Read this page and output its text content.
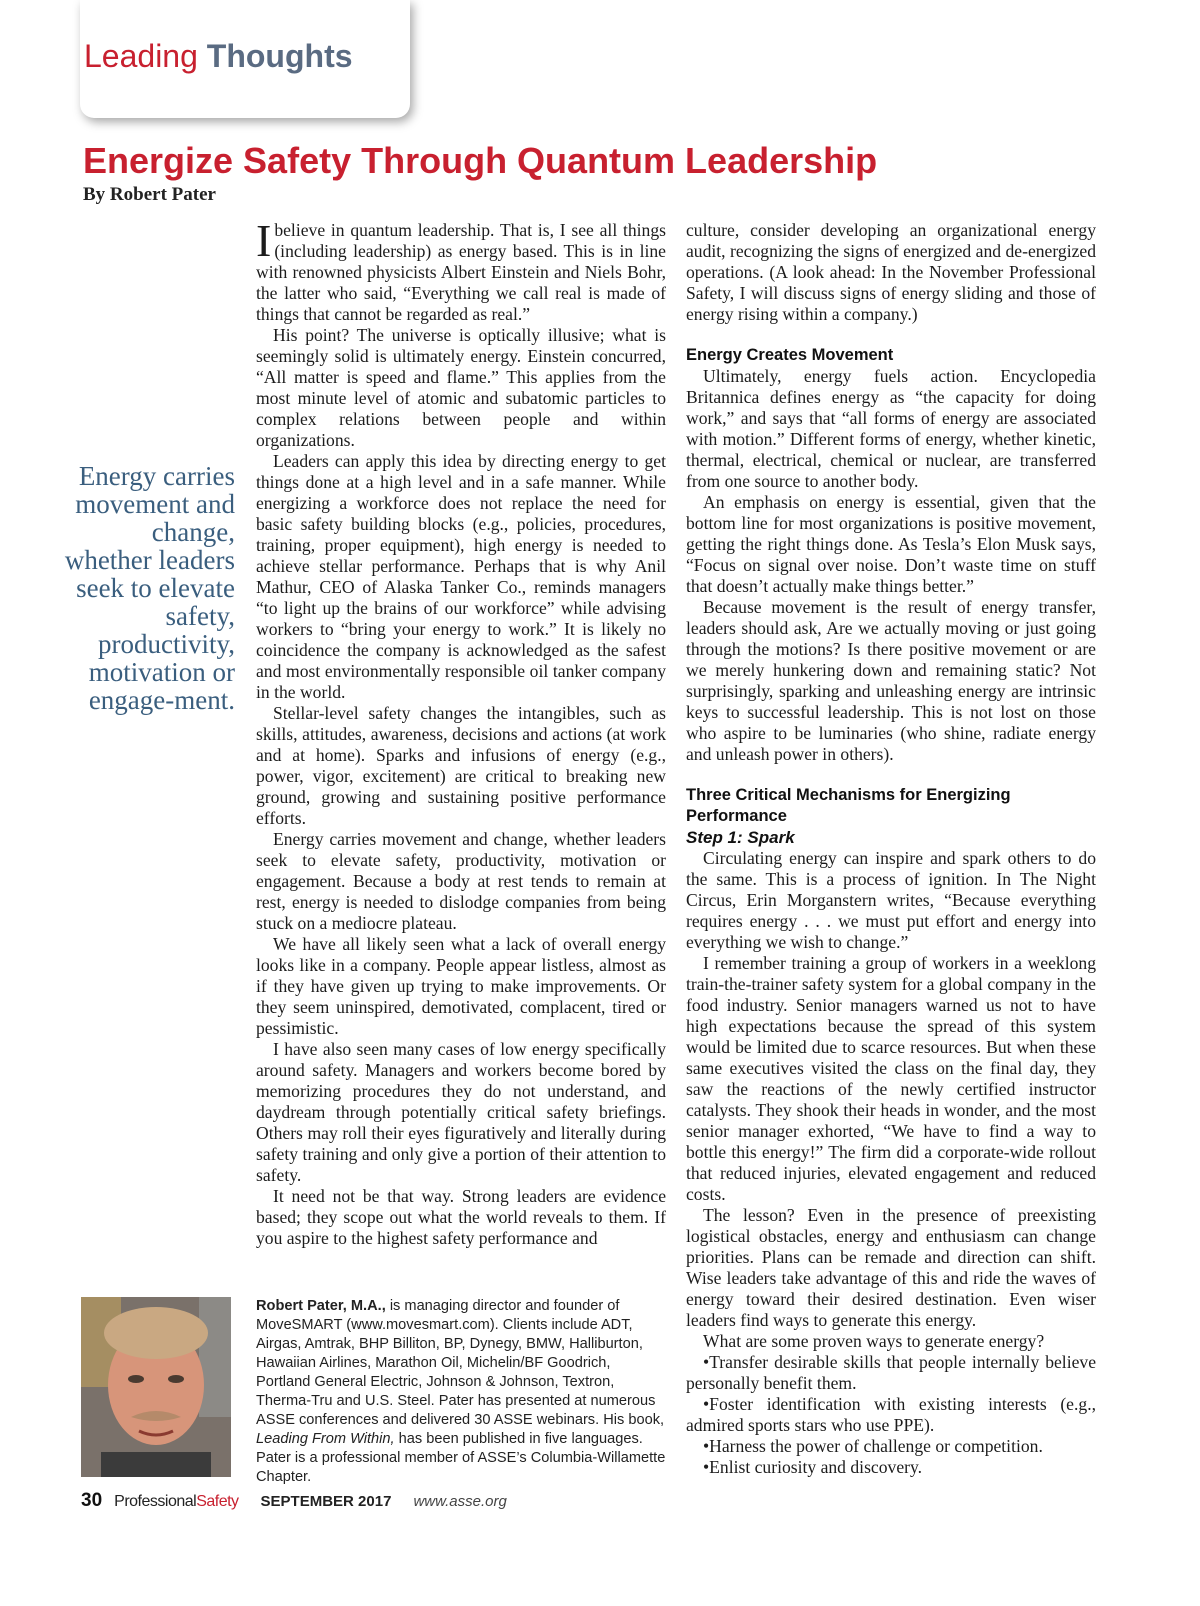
Leading Thoughts
Energize Safety Through Quantum Leadership
By Robert Pater
Energy carries movement and change, whether leaders seek to elevate safety, productivity, motivation or engage-ment.

Ibelieve in quantum leadership. That is, I see all things (including leadership) as energy based. This is in line with renowned physicists Albert Einstein and Niels Bohr, the latter who said, “Everything we call real is made of things that cannot be regarded as real.”

His point? The universe is optically illusive; what is seemingly solid is ultimately energy. Einstein concurred, “All matter is speed and flame.” This applies from the most minute level of atomic and subatomic particles to complex relations between people and within organizations.

Leaders can apply this idea by directing energy to get things done at a high level and in a safe manner. While energizing a workforce does not replace the need for basic safety building blocks (e.g., policies, procedures, training, proper equipment), high energy is needed to achieve stellar performance. Perhaps that is why Anil Mathur, CEO of Alaska Tanker Co., reminds managers “to light up the brains of our workforce” while advising workers to “bring your energy to work.” It is likely no coincidence the company is acknowledged as the safest and most environmentally responsible oil tanker company in the world.

Stellar-level safety changes the intangibles, such as skills, attitudes, awareness, decisions and actions (at work and at home). Sparks and infusions of energy (e.g., power, vigor, excitement) are critical to breaking new ground, growing and sustaining positive performance efforts.

Energy carries movement and change, whether leaders seek to elevate safety, productivity, motivation or engagement. Because a body at rest tends to remain at rest, energy is needed to dislodge companies from being stuck on a mediocre plateau.

We have all likely seen what a lack of overall energy looks like in a company. People appear listless, almost as if they have given up trying to make improvements. Or they seem uninspired, demotivated, complacent, tired or pessimistic.

I have also seen many cases of low energy specifically around safety. Managers and workers become bored by memorizing procedures they do not understand, and daydream through potentially critical safety briefings. Others may roll their eyes figuratively and literally during safety training and only give a portion of their attention to safety.

It need not be that way. Strong leaders are evidence based; they scope out what the world reveals to them. If you aspire to the highest safety performance and

culture, consider developing an organizational energy audit, recognizing the signs of energized and de-energized operations. (A look ahead: In the November Professional Safety, I will discuss signs of energy sliding and those of energy rising within a company.)

Energy Creates Movement

Ultimately, energy fuels action. Encyclopedia Britannica defines energy as “the capacity for doing work,” and says that “all forms of energy are associated with motion.” Different forms of energy, whether kinetic, thermal, electrical, chemical or nuclear, are transferred from one source to another body.

An emphasis on energy is essential, given that the bottom line for most organizations is positive movement, getting the right things done. As Tesla’s Elon Musk says, “Focus on signal over noise. Don’t waste time on stuff that doesn’t actually make things better.”

Because movement is the result of energy transfer, leaders should ask, Are we actually moving or just going through the motions? Is there positive movement or are we merely hunkering down and remaining static? Not surprisingly, sparking and unleashing energy are intrinsic keys to successful leadership. This is not lost on those who aspire to be luminaries (who shine, radiate energy and unleash power in others).

Three Critical Mechanisms for Energizing Performance
Step 1: Spark

Circulating energy can inspire and spark others to do the same. This is a process of ignition. In The Night Circus, Erin Morganstern writes, “Because everything requires energy . . . we must put effort and energy into everything we wish to change.”

I remember training a group of workers in a weeklong train-the-trainer safety system for a global company in the food industry. Senior managers warned us not to have high expectations because the spread of this system would be limited due to scarce resources. But when these same executives visited the class on the final day, they saw the reactions of the newly certified instructor catalysts. They shook their heads in wonder, and the most senior manager exhorted, “We have to find a way to bottle this energy!” The firm did a corporate-wide rollout that reduced injuries, elevated engagement and reduced costs.

The lesson? Even in the presence of preexisting logistical obstacles, energy and enthusiasm can change priorities. Plans can be remade and direction can shift. Wise leaders take advantage of this and ride the waves of energy toward their desired destination. Even wiser leaders find ways to generate this energy.

What are some proven ways to generate energy?

•Transfer desirable skills that people internally believe personally benefit them.

•Foster identification with existing interests (e.g., admired sports stars who use PPE).

•Harness the power of challenge or competition.

•Enlist curiosity and discovery.

Robert Pater, M.A., is managing director and founder of MoveSMART (www.movesmart.com). Clients include ADT, Airgas, Amtrak, BHP Billiton, BP, Dynegy, BMW, Halliburton, Hawaiian Airlines, Marathon Oil, Michelin/BF Goodrich, Portland General Electric, Johnson & Johnson, Textron, Therma-Tru and U.S. Steel. Pater has presented at numerous ASSE conferences and delivered 30 ASSE webinars. His book, Leading From Within, has been published in five languages. Pater is a professional member of ASSE’s Columbia-Willamette Chapter.
30 Professional Safety SEPTEMBER 2017 www.asse.org
